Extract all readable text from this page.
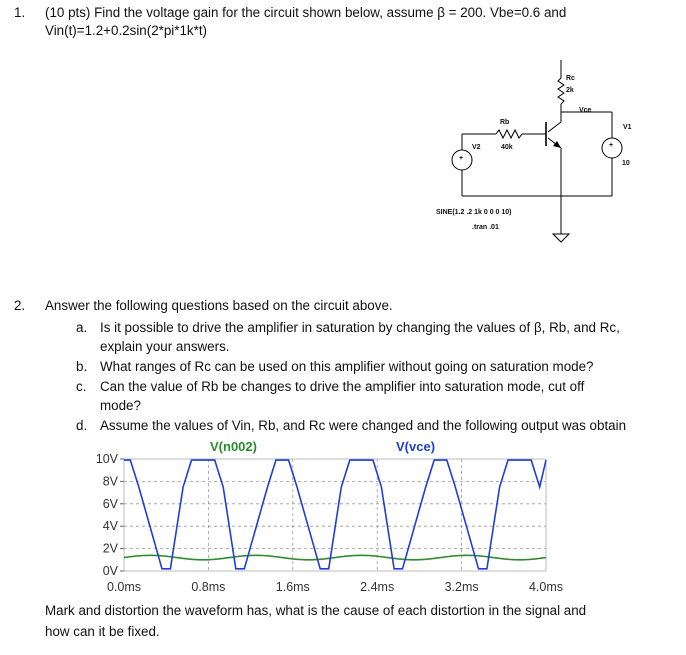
1. (10 pts) Find the voltage gain for the circuit shown below, assume β = 200. Vbe=0.6 and
Vin(t)=1.2+0.2sin(2*pi*1k*t)
+
+
Rc
2k
Vce
Rb
40k
V2
V1
10
SINE(1.2 .2 1k 0 0 0 10)
.tran .01
2. Answer the following questions based on the circuit above.
a. Is it possible to drive the amplifier in saturation by changing the values of β, Rb, and Rc,
explain your answers.
b. What ranges of Rc can be used on this amplifier without going on saturation mode?
c. Can the value of Rb be changes to drive the amplifier into saturation mode, cut off
mode?
d. Assume the values of Vin, Rb, and Rc were changed and the following output was obtain
0V
2V
4V
6V
8V
10V
0.0ms	0.8ms	1.6ms	2.4ms	3.2ms	4.0ms
V(n002)	V(vce)
Mark and distortion the waveform has, what is the cause of each distortion in the signal and
how can it be fixed.
